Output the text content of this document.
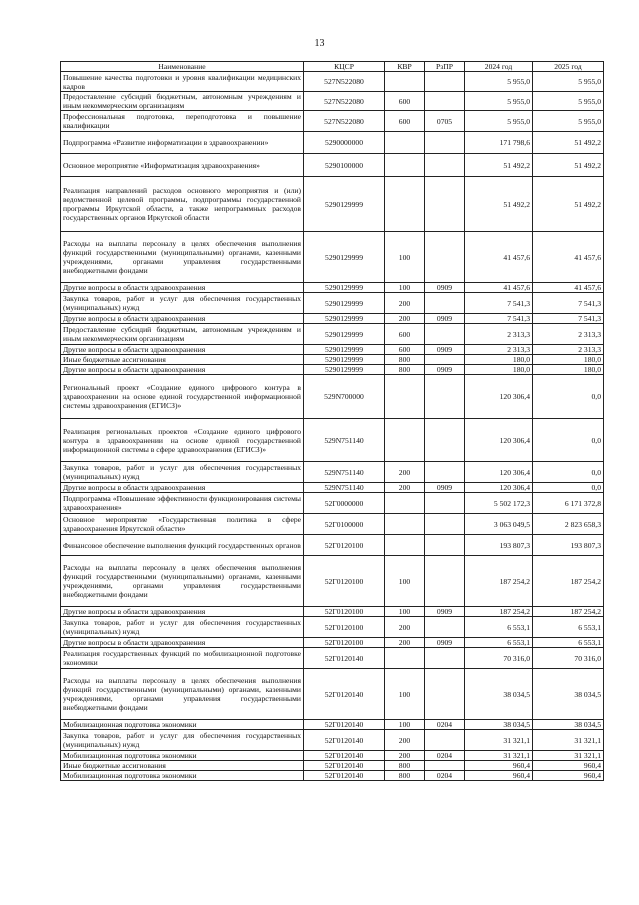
13
Наименование	КЦСР	КВР	РзПР	2024 год	2025 год
Повышение качества подготовки и уровня квалификации медицинских кадров	527N522080			5 955,0	5 955,0
Предоставление субсидий бюджетным, автономным учреждениям и иным некоммерческим организациям	527N522080	600		5 955,0	5 955,0
Профессиональная подготовка, переподготовка и повышение квалификации	527N522080	600	0705	5 955,0	5 955,0
Подпрограмма «Развитие информатизации в здравоохранении»	5290000000			171 798,6	51 492,2
Основное мероприятие «Информатизация здравоохранения»	5290100000			51 492,2	51 492,2
Реализация направлений расходов основного мероприятия и (или) ведомственной целевой программы, подпрограммы государственной программы Иркутской области, а также непрограммных расходов государственных органов Иркутской области	5290129999			51 492,2	51 492,2
Расходы на выплаты персоналу в целях обеспечения выполнения функций государственными (муниципальными) органами, казенными учреждениями, органами управления государственными внебюджетными фондами	5290129999	100		41 457,6	41 457,6
Другие вопросы в области здравоохранения	5290129999	100	0909	41 457,6	41 457,6
Закупка товаров, работ и услуг для обеспечения государственных (муниципальных) нужд	5290129999	200		7 541,3	7 541,3
Другие вопросы в области здравоохранения	5290129999	200	0909	7 541,3	7 541,3
Предоставление субсидий бюджетным, автономным учреждениям и иным некоммерческим организациям	5290129999	600		2 313,3	2 313,3
Другие вопросы в области здравоохранения	5290129999	600	0909	2 313,3	2 313,3
Иные бюджетные ассигнования	5290129999	800		180,0	180,0
Другие вопросы в области здравоохранения	5290129999	800	0909	180,0	180,0
Региональный проект «Создание единого цифрового контура в здравоохранении на основе единой государственной информационной системы здравоохранения (ЕГИСЗ)»	529N700000			120 306,4	0,0
Реализация региональных проектов «Создание единого цифрового контура в здравоохранении на основе единой государственной информационной системы в сфере здравоохранения (ЕГИСЗ)»	529N751140			120 306,4	0,0
Закупка товаров, работ и услуг для обеспечения государственных (муниципальных) нужд	529N751140	200		120 306,4	0,0
Другие вопросы в области здравоохранения	529N751140	200	0909	120 306,4	0,0
Подпрограмма «Повышение эффективности функционирования системы здравоохранения»	52Г0000000			5 502 172,3	6 171 372,8
Основное мероприятие «Государственная политика в сфере здравоохранения Иркутской области»	52Г0100000			3 063 049,5	2 823 658,3
Финансовое обеспечение выполнения функций государственных органов	52Г0120100			193 807,3	193 807,3
Расходы на выплаты персоналу в целях обеспечения выполнения функций государственными (муниципальными) органами, казенными учреждениями, органами управления государственными внебюджетными фондами	52Г0120100	100		187 254,2	187 254,2
Другие вопросы в области здравоохранения	52Г0120100	100	0909	187 254,2	187 254,2
Закупка товаров, работ и услуг для обеспечения государственных (муниципальных) нужд	52Г0120100	200		6 553,1	6 553,1
Другие вопросы в области здравоохранения	52Г0120100	200	0909	6 553,1	6 553,1
Реализация государственных функций по мобилизационной подготовке экономики	52Г0120140			70 316,0	70 316,0
Расходы на выплаты персоналу в целях обеспечения выполнения функций государственными (муниципальными) органами, казенными учреждениями, органами управления государственными внебюджетными фондами	52Г0120140	100		38 034,5	38 034,5
Мобилизационная подготовка экономики	52Г0120140	100	0204	38 034,5	38 034,5
Закупка товаров, работ и услуг для обеспечения государственных (муниципальных) нужд	52Г0120140	200		31 321,1	31 321,1
Мобилизационная подготовка экономики	52Г0120140	200	0204	31 321,1	31 321,1
Иные бюджетные ассигнования	52Г0120140	800		960,4	960,4
Мобилизационная подготовка экономики	52Г0120140	800	0204	960,4	960,4
